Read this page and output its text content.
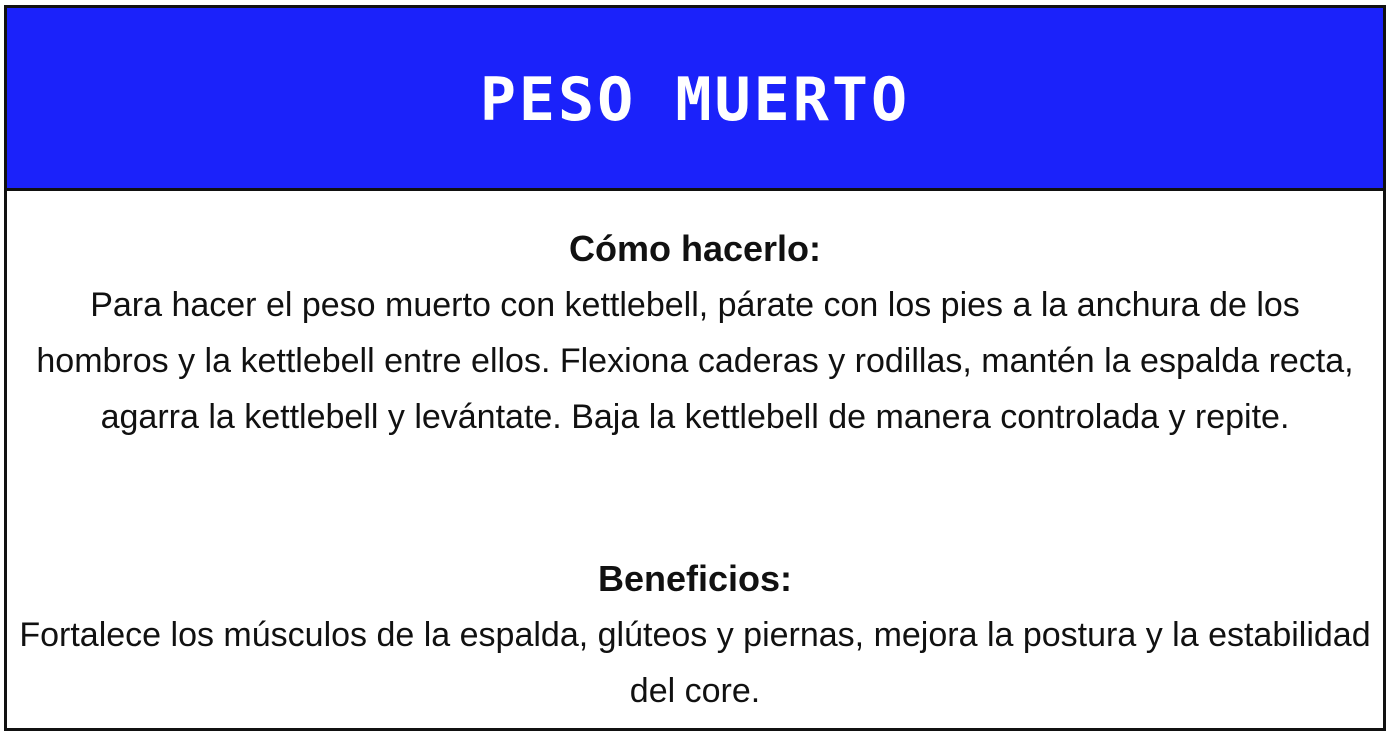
PESO MUERTO

Cómo hacerlo:

Para hacer el peso muerto con kettlebell, párate con los pies a la anchura de los hombros y la kettlebell entre ellos. Flexiona caderas y rodillas, mantén la espalda recta, agarra la kettlebell y levántate. Baja la kettlebell de manera controlada y repite.

Beneficios:

Fortalece los músculos de la espalda, glúteos y piernas, mejora la postura y la estabilidad del core.
